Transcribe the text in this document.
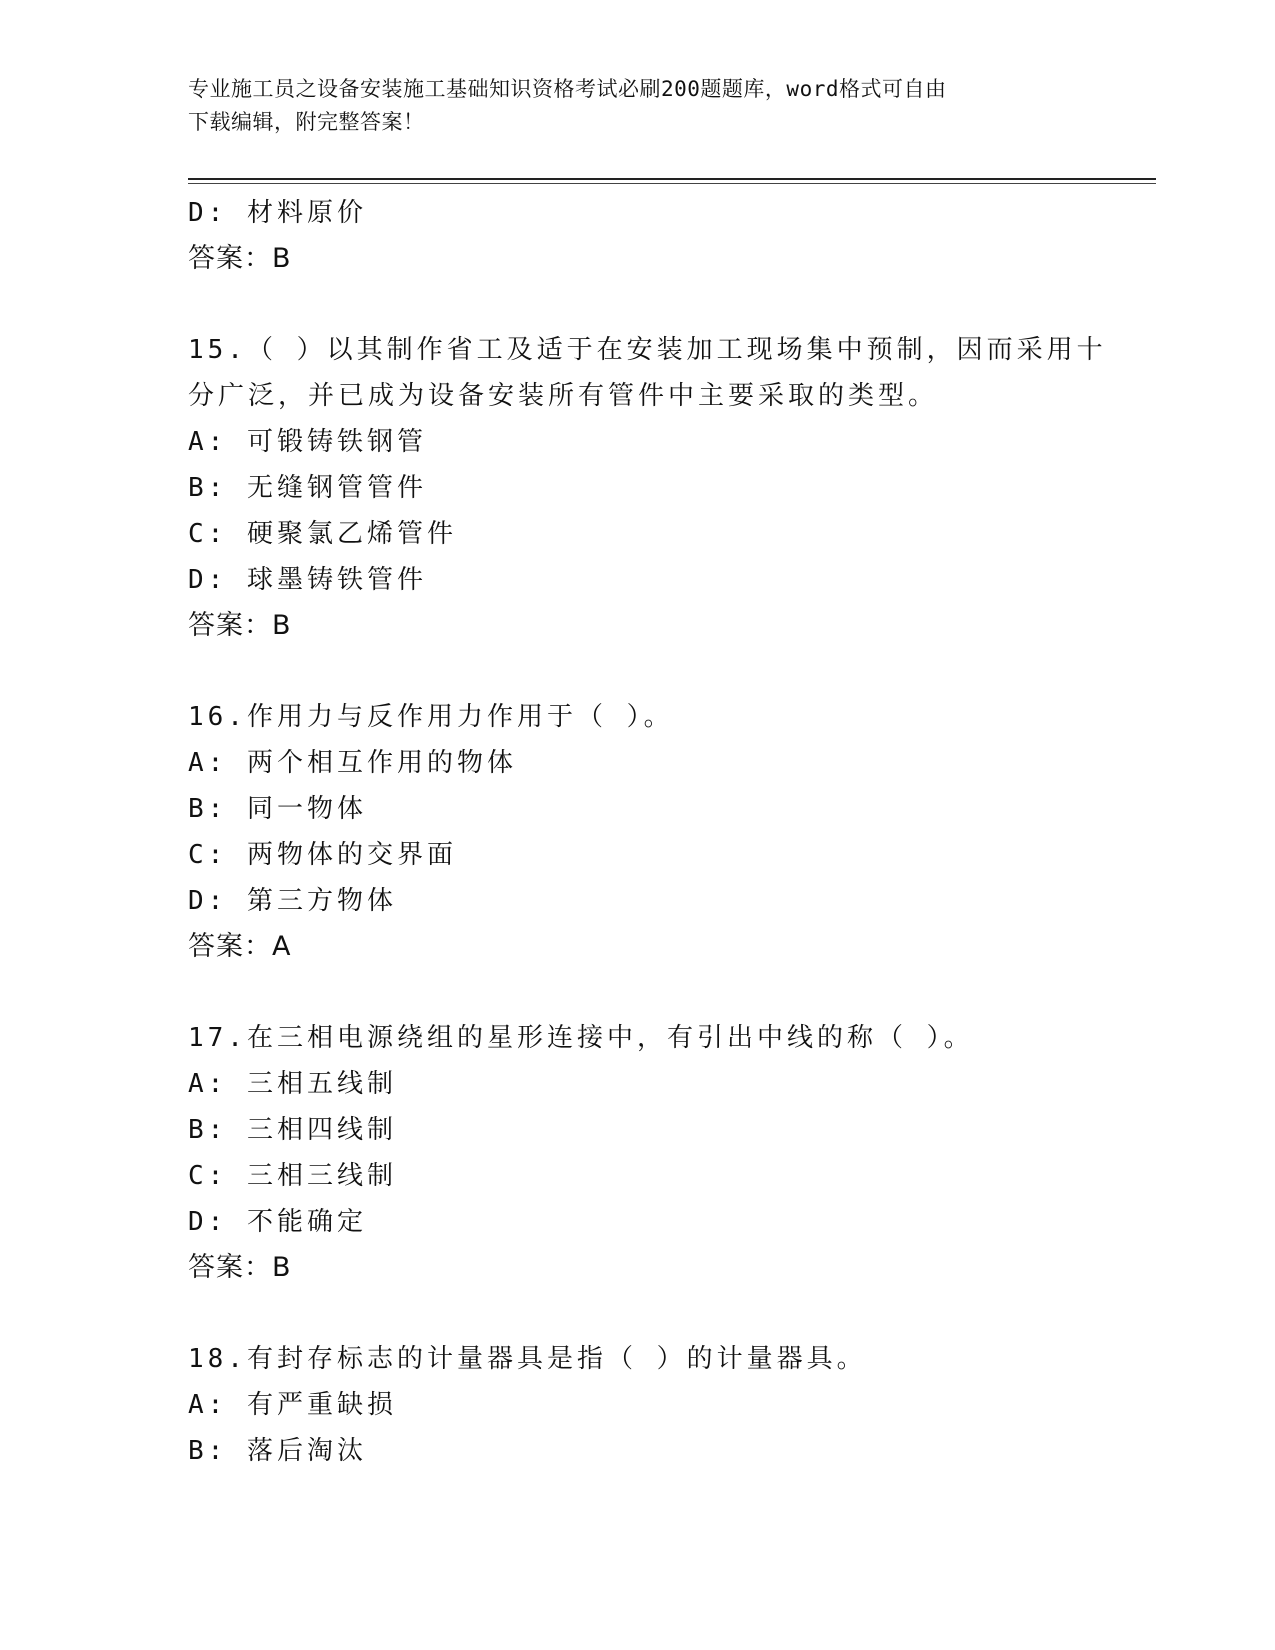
专业施工员之设备安装施工基础知识资格考试必刷200题题库，word格式可自由
下载编辑，附完整答案！
D: 材料原价
答案：B
15.（ ）以其制作省工及适于在安装加工现场集中预制，因而采用十
分广泛，并已成为设备安装所有管件中主要采取的类型。
A: 可锻铸铁钢管
B: 无缝钢管管件
C: 硬聚氯乙烯管件
D: 球墨铸铁管件
答案：B
16.作用力与反作用力作用于（ ）。
A: 两个相互作用的物体
B: 同一物体
C: 两物体的交界面
D: 第三方物体
答案：A
17.在三相电源绕组的星形连接中，有引出中线的称（ ）。
A: 三相五线制
B: 三相四线制
C: 三相三线制
D: 不能确定
答案：B
18.有封存标志的计量器具是指（ ）的计量器具。
A: 有严重缺损
B: 落后淘汰
